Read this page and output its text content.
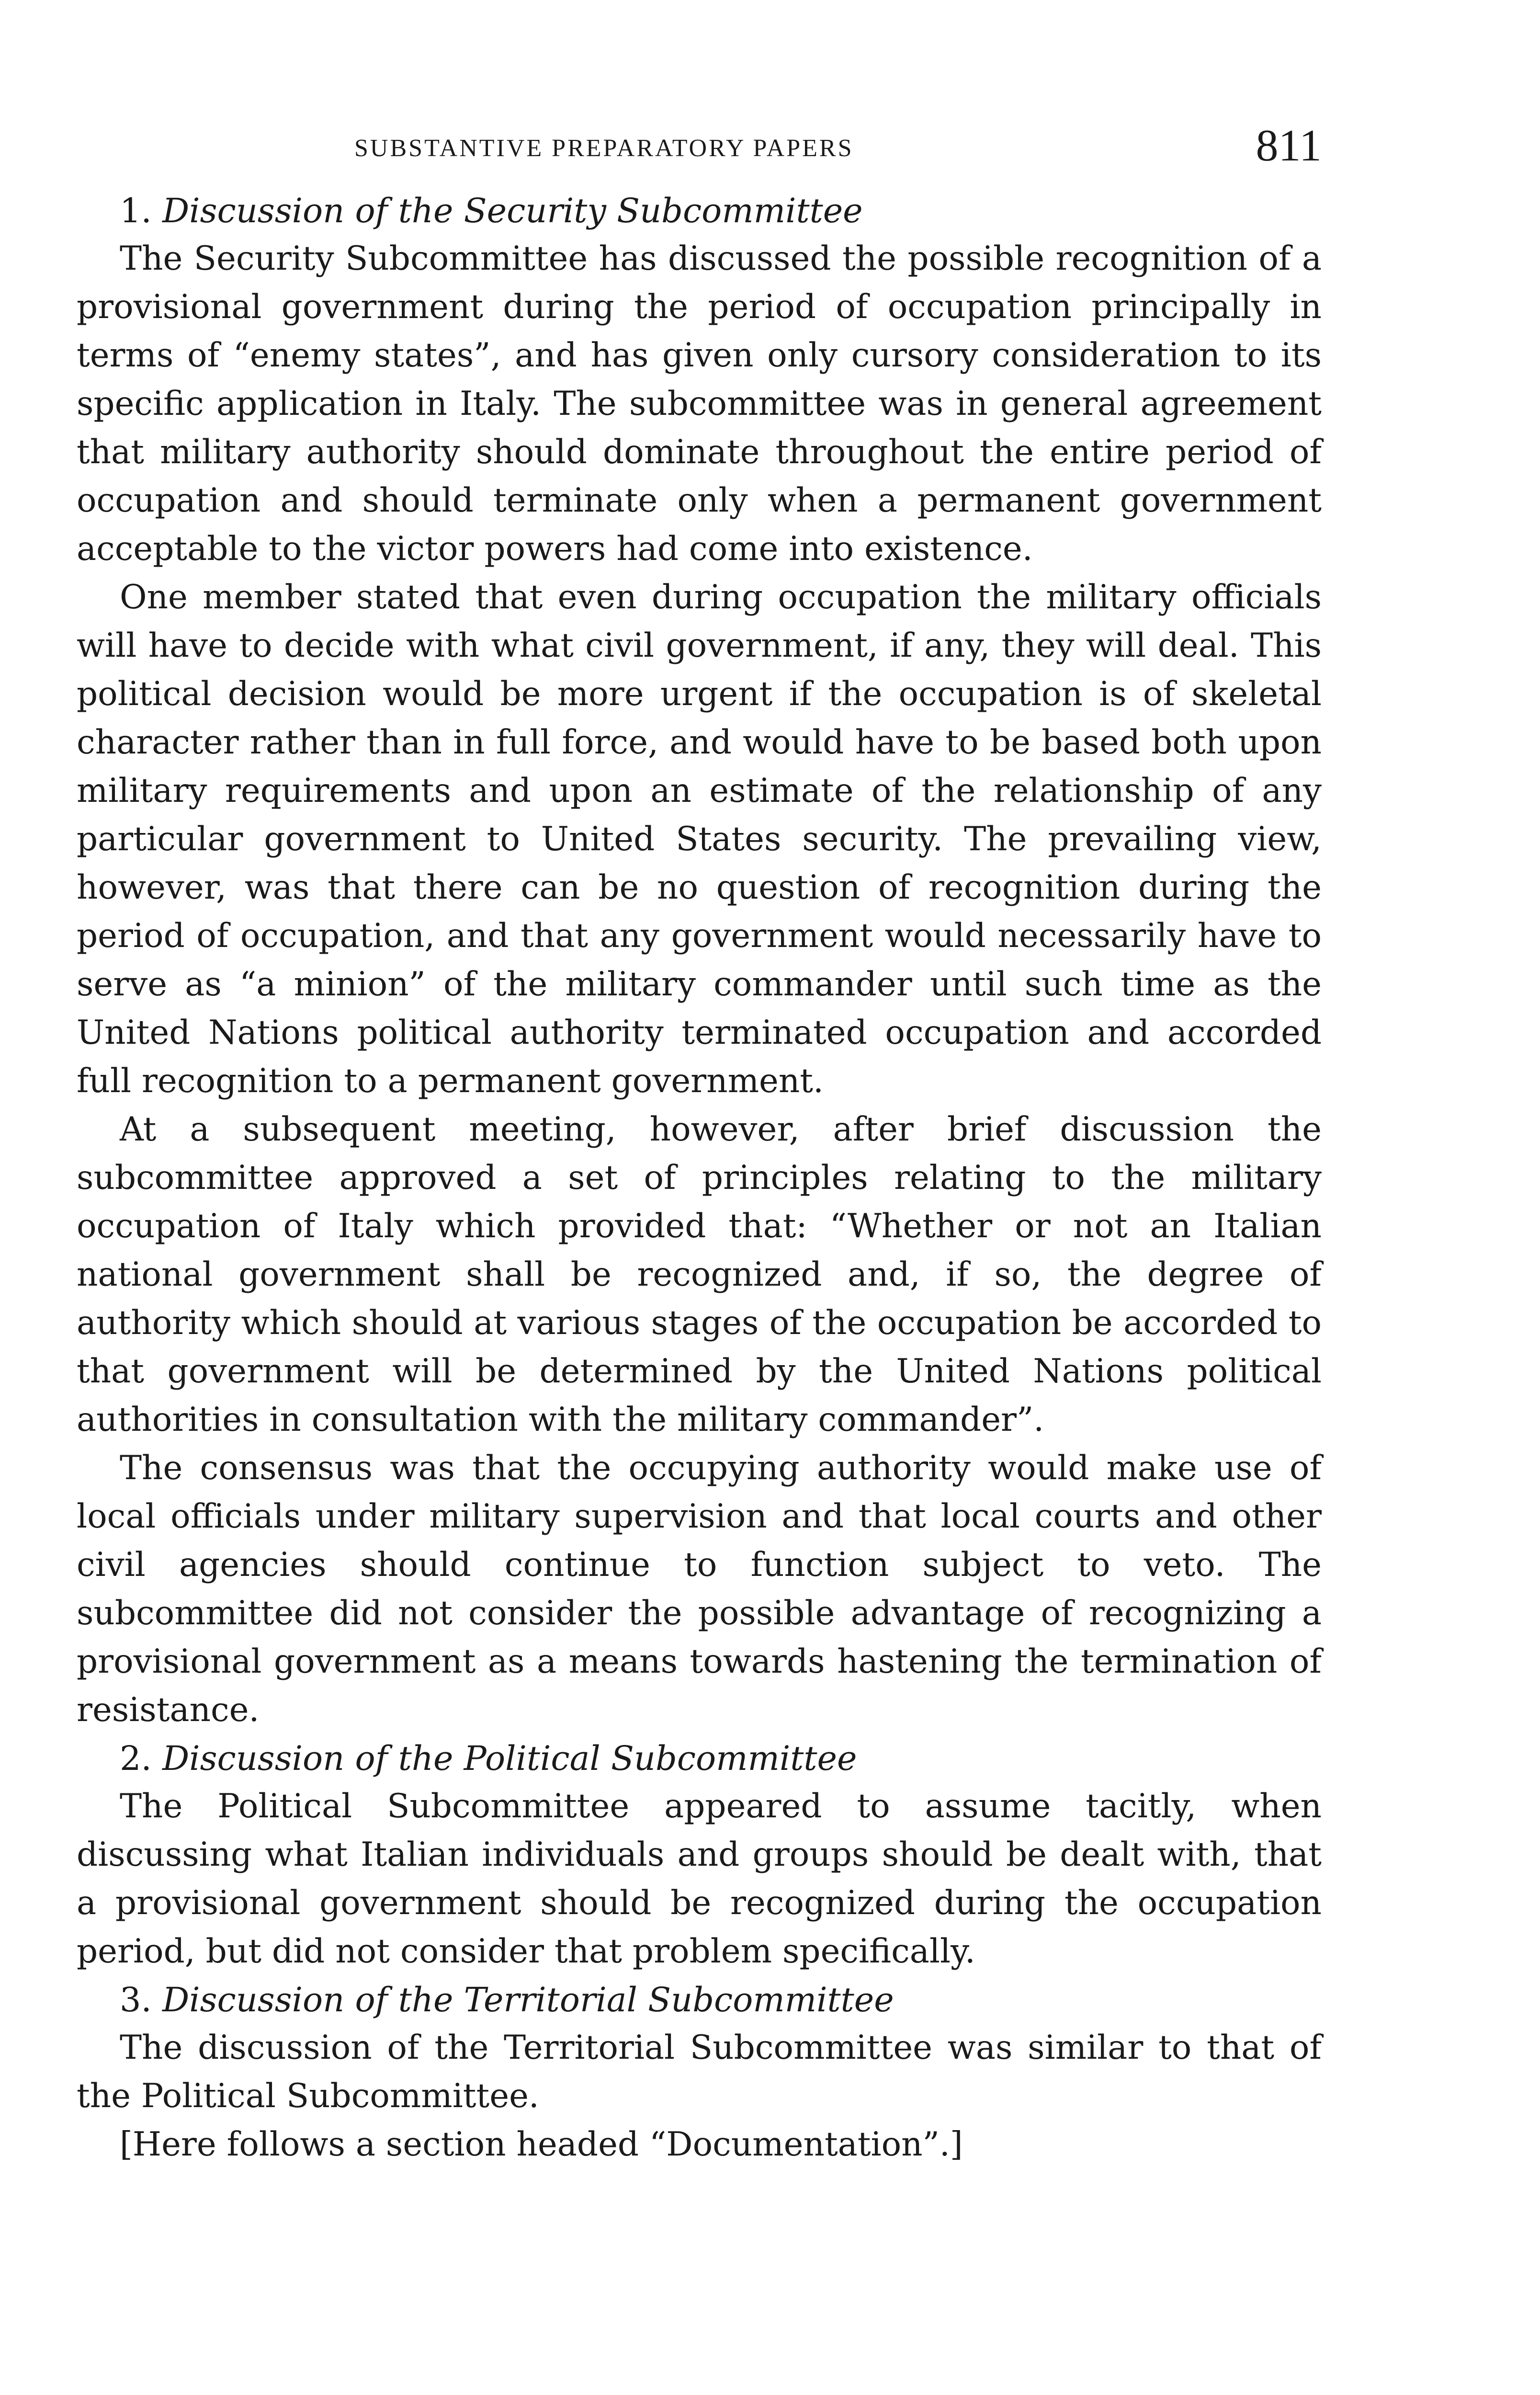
SUBSTANTIVE PREPARATORY PAPERS	811

1. Discussion of the Security Subcommittee

The Security Subcommittee has discussed the possible recognition of a provisional government during the period of occupation principally in terms of “enemy states”, and has given only cursory consideration to its specific application in Italy. The subcommittee was in general agreement that military authority should dominate throughout the entire period of occupation and should terminate only when a permanent government acceptable to the victor powers had come into existence.

One member stated that even during occupation the military officials will have to decide with what civil government, if any, they will deal. This political decision would be more urgent if the occupation is of skeletal character rather than in full force, and would have to be based both upon military requirements and upon an estimate of the relationship of any particular government to United States security. The prevailing view, however, was that there can be no question of recognition during the period of occupation, and that any government would necessarily have to serve as “a minion” of the military commander until such time as the United Nations political authority terminated occupation and accorded full recognition to a permanent government.

At a subsequent meeting, however, after brief discussion the subcommittee approved a set of principles relating to the military occupation of Italy which provided that: “Whether or not an Italian national government shall be recognized and, if so, the degree of authority which should at various stages of the occupation be accorded to that government will be determined by the United Nations political authorities in consultation with the military commander”.

The consensus was that the occupying authority would make use of local officials under military supervision and that local courts and other civil agencies should continue to function subject to veto. The subcommittee did not consider the possible advantage of recognizing a provisional government as a means towards hastening the termination of resistance.

2. Discussion of the Political Subcommittee

The Political Subcommittee appeared to assume tacitly, when discussing what Italian individuals and groups should be dealt with, that a provisional government should be recognized during the occupation period, but did not consider that problem specifically.

3. Discussion of the Territorial Subcommittee

The discussion of the Territorial Subcommittee was similar to that of the Political Subcommittee.

[Here follows a section headed “Documentation”.]
